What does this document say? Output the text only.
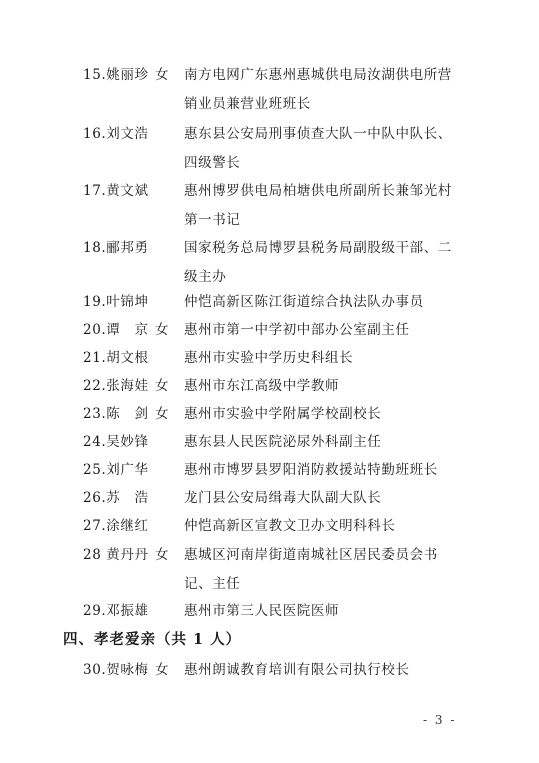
15.姚丽珍 女 南方电网广东惠州惠城供电局汝湖供电所营
销业员兼营业班班长
16.刘文浩	惠东县公安局刑事侦查大队一中队中队长、
四级警长
17.黄文斌	惠州博罗供电局柏塘供电所副所长兼邹光村
第一书记
18.郦邦勇	国家税务总局博罗县税务局副股级干部、二
级主办
19.叶锦坤	仲恺高新区陈江街道综合执法队办事员
20.谭　京 女 惠州市第一中学初中部办公室副主任
21.胡文根	惠州市实验中学历史科组长
22.张海娃 女 惠州市东江高级中学教师
23.陈　剑 女 惠州市实验中学附属学校副校长
24.吴妙锋	惠东县人民医院泌尿外科副主任
25.刘广华	惠州市博罗县罗阳消防救援站特勤班班长
26.苏　浩	龙门县公安局缉毒大队副大队长
27.涂继红	仲恺高新区宣教文卫办文明科科长
28 黄丹丹 女 惠城区河南岸街道南城社区居民委员会书
记、主任
29.邓振雄	惠州市第三人民医院医师
四、孝老爱亲（共 1 人）
30.贺咏梅 女 惠州朗诚教育培训有限公司执行校长
- 3 -
